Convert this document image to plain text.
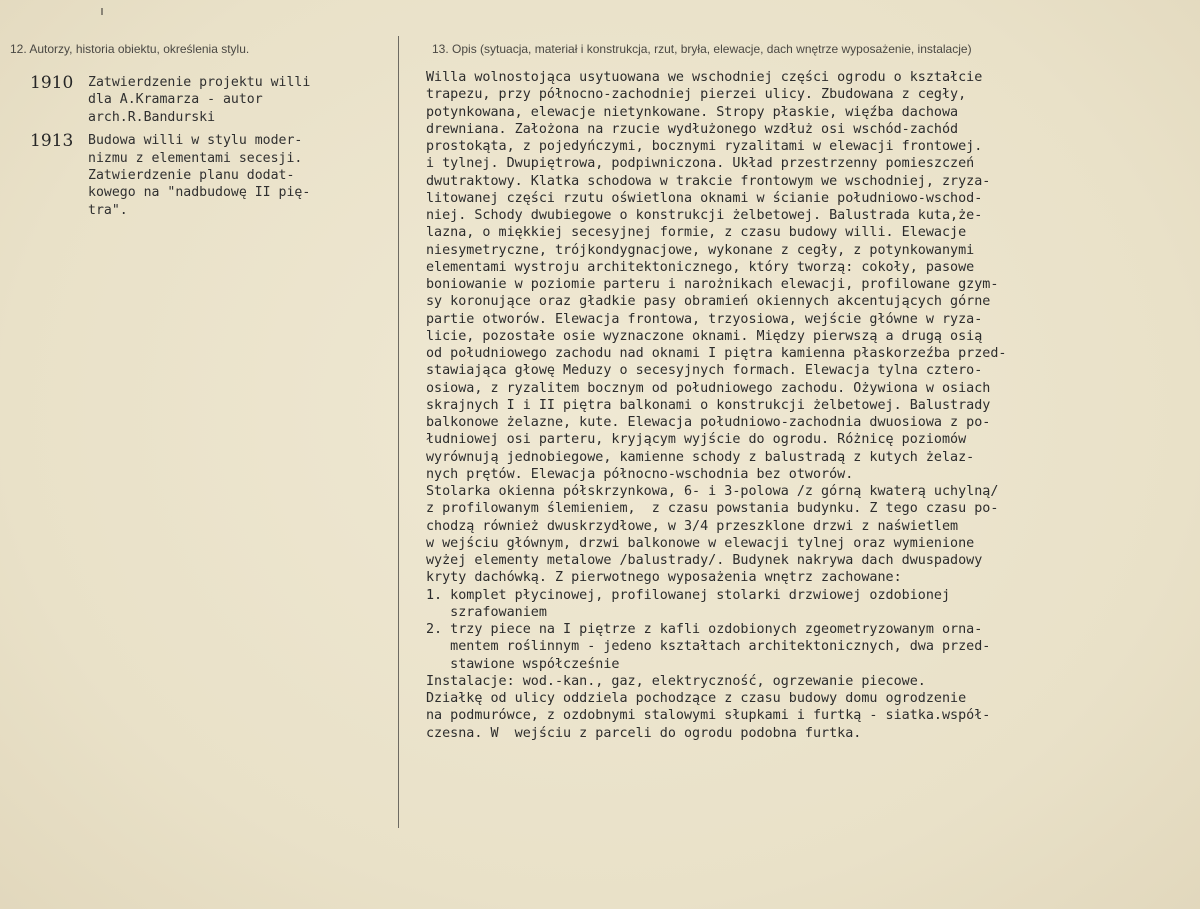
12. Autorzy, historia obiektu, określenia stylu.	13. Opis (sytuacja, materiał i konstrukcja, rzut, bryła, elewacje, dach wnętrze wyposażenie, instalacje)
1910	Zatwierdzenie projektu willi
dla A.Kramarza - autor
arch.R.Bandurski
1913	Budowa willi w stylu moder-
nizmu z elementami secesji.
Zatwierdzenie planu dodat-
kowego na "nadbudowę II pię-
tra".
Willa wolnostojąca usytuowana we wschodniej części ogrodu o kształcie
trapezu, przy północno-zachodniej pierzei ulicy. Zbudowana z cegły,
potynkowana, elewacje nietynkowane. Stropy płaskie, więźba dachowa
drewniana. Założona na rzucie wydłużonego wzdłuż osi wschód-zachód
prostokąta, z pojedyńczymi, bocznymi ryzalitami w elewacji frontowej.
i tylnej. Dwupiętrowa, podpiwniczona. Układ przestrzenny pomieszczeń
dwutraktowy. Klatka schodowa w trakcie frontowym we wschodniej, zryza-
litowanej części rzutu oświetlona oknami w ścianie południowo-wschod-
niej. Schody dwubiegowe o konstrukcji żelbetowej. Balustrada kuta,że-
lazna, o miękkiej secesyjnej formie, z czasu budowy willi. Elewacje
niesymetryczne, trójkondygnacjowe, wykonane z cegły, z potynkowanymi
elementami wystroju architektonicznego, który tworzą: cokoły, pasowe
boniowanie w poziomie parteru i narożnikach elewacji, profilowane gzym-
sy koronujące oraz gładkie pasy obramień okiennych akcentujących górne
partie otworów. Elewacja frontowa, trzyosiowa, wejście główne w ryza-
licie, pozostałe osie wyznaczone oknami. Między pierwszą a drugą osią
od południowego zachodu nad oknami I piętra kamienna płaskorzeźba przed-
stawiająca głowę Meduzy o secesyjnych formach. Elewacja tylna cztero-
osiowa, z ryzalitem bocznym od południowego zachodu. Ożywiona w osiach
skrajnych I i II piętra balkonami o konstrukcji żelbetowej. Balustrady
balkonowe żelazne, kute. Elewacja południowo-zachodnia dwuosiowa z po-
łudniowej osi parteru, kryjącym wyjście do ogrodu. Różnicę poziomów
wyrównują jednobiegowe, kamienne schody z balustradą z kutych żelaz-
nych prętów. Elewacja północno-wschodnia bez otworów.
Stolarka okienna półskrzynkowa, 6- i 3-polowa /z górną kwaterą uchylną/
z profilowanym ślemieniem,  z czasu powstania budynku. Z tego czasu po-
chodzą również dwuskrzydłowe, w 3/4 przeszklone drzwi z naświetlem
w wejściu głównym, drzwi balkonowe w elewacji tylnej oraz wymienione
wyżej elementy metalowe /balustrady/. Budynek nakrywa dach dwuspadowy
kryty dachówką. Z pierwotnego wyposażenia wnętrz zachowane:
1. komplet płycinowej, profilowanej stolarki drzwiowej ozdobionej
szrafowaniem
2. trzy piece na I piętrze z kafli ozdobionych zgeometryzowanym ornа-
mentem roślinnym - jedeno kształtach architektonicznych, dwa przed-
stawione współcześnie
Instalacje: wod.-kan., gaz, elektryczność, ogrzewanie piecowe.
Działkę od ulicy oddziela pochodzące z czasu budowy domu ogrodzenie
na podmurówce, z ozdobnymi stalowymi słupkami i furtką - siatka.współ-
czesna. W  wejściu z parceli do ogrodu podobna furtka.
